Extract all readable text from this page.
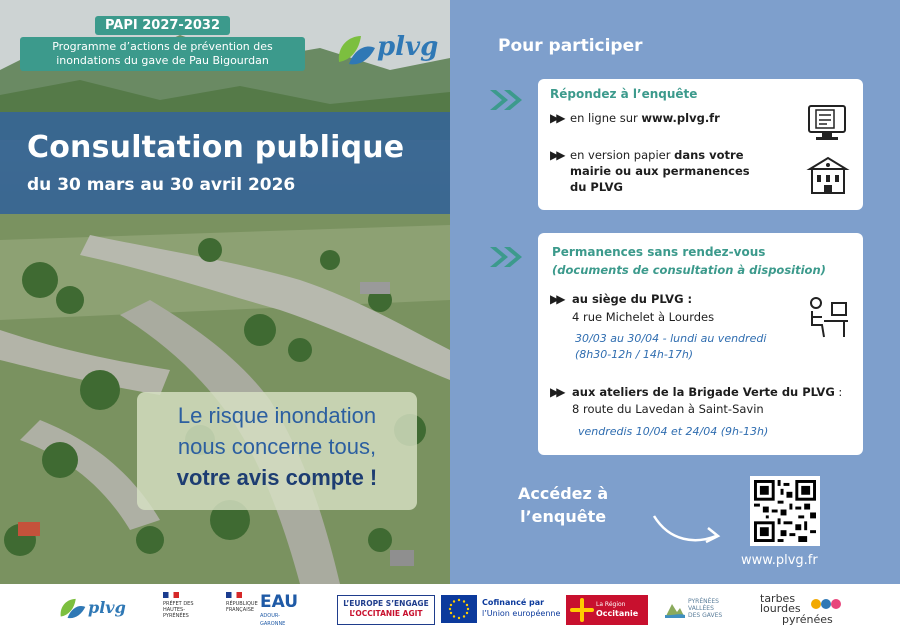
PAPI 2027-2032
Programme d’actions de prévention des
inondations du gave de Pau Bigourdan	plvg
Consultation publique
du 30 mars au 30 avril 2026
Le risque inondation
nous concerne tous,
votre avis compte !
Pour participer
Répondez à l’enquête
▶▶ en ligne sur www.plvg.fr
▶▶ en version papier dans votre
mairie ou aux permanences
du PLVG
Permanences sans rendez-vous
(documents de consultation à disposition)
▶▶ au siège du PLVG :
4 rue Michelet à Lourdes
30/03 au 30/04 - lundi au vendredi
(8h30-12h / 14h-17h)
▶▶ aux ateliers de la Brigade Verte du PLVG :
8 route du Lavedan à Saint-Savin
vendredis 10/04 et 24/04 (9h-13h)
Accédez à
l’enquête
www.plvg.fr
plvg	PRÉFET DES HAUTES-PYRÉNÉES
RÉPUBLIQUE FRANÇAISE EAU
ADOUR-GARONNE
L’EUROPE S’ENGAGE
L’OCCITANIE AGIT
Cofinancé par
l’Union européenne
La Région
Occitanie
PYRÉNÉES
VALLÉES
DES GAVES
tarbes
lourdes
pyrénées
